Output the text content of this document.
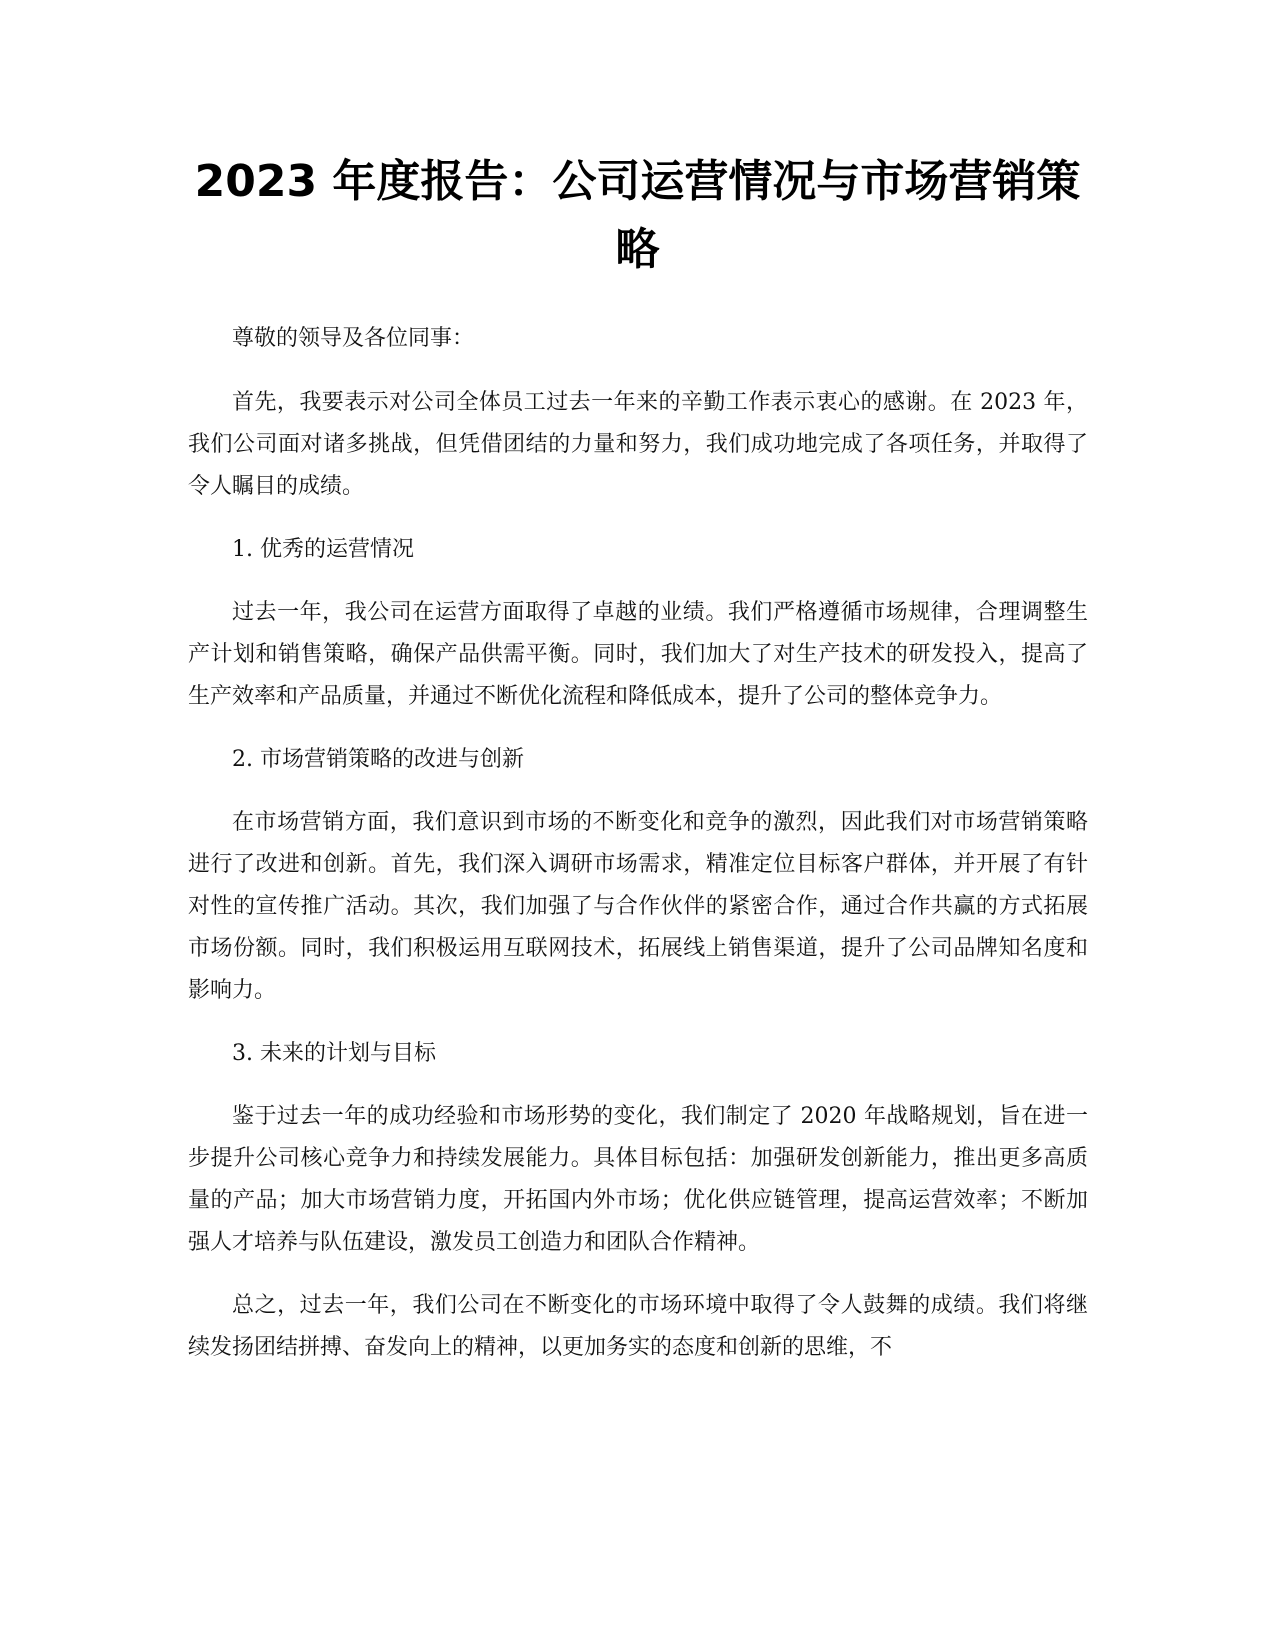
2023 年度报告：公司运营情况与市场营销策略

尊敬的领导及各位同事：

首先，我要表示对公司全体员工过去一年来的辛勤工作表示衷心的感谢。在 2023 年，我们公司面对诸多挑战，但凭借团结的力量和努力，我们成功地完成了各项任务，并取得了令人瞩目的成绩。

1. 优秀的运营情况

过去一年，我公司在运营方面取得了卓越的业绩。我们严格遵循市场规律，合理调整生产计划和销售策略，确保产品供需平衡。同时，我们加大了对生产技术的研发投入，提高了生产效率和产品质量，并通过不断优化流程和降低成本，提升了公司的整体竞争力。

2. 市场营销策略的改进与创新

在市场营销方面，我们意识到市场的不断变化和竞争的激烈，因此我们对市场营销策略进行了改进和创新。首先，我们深入调研市场需求，精准定位目标客户群体，并开展了有针对性的宣传推广活动。其次，我们加强了与合作伙伴的紧密合作，通过合作共赢的方式拓展市场份额。同时，我们积极运用互联网技术，拓展线上销售渠道，提升了公司品牌知名度和影响力。

3. 未来的计划与目标

鉴于过去一年的成功经验和市场形势的变化，我们制定了 2020 年战略规划，旨在进一步提升公司核心竞争力和持续发展能力。具体目标包括：加强研发创新能力，推出更多高质量的产品；加大市场营销力度，开拓国内外市场；优化供应链管理，提高运营效率；不断加强人才培养与队伍建设，激发员工创造力和团队合作精神。

总之，过去一年，我们公司在不断变化的市场环境中取得了令人鼓舞的成绩。我们将继续发扬团结拼搏、奋发向上的精神，以更加务实的态度和创新的思维，不
